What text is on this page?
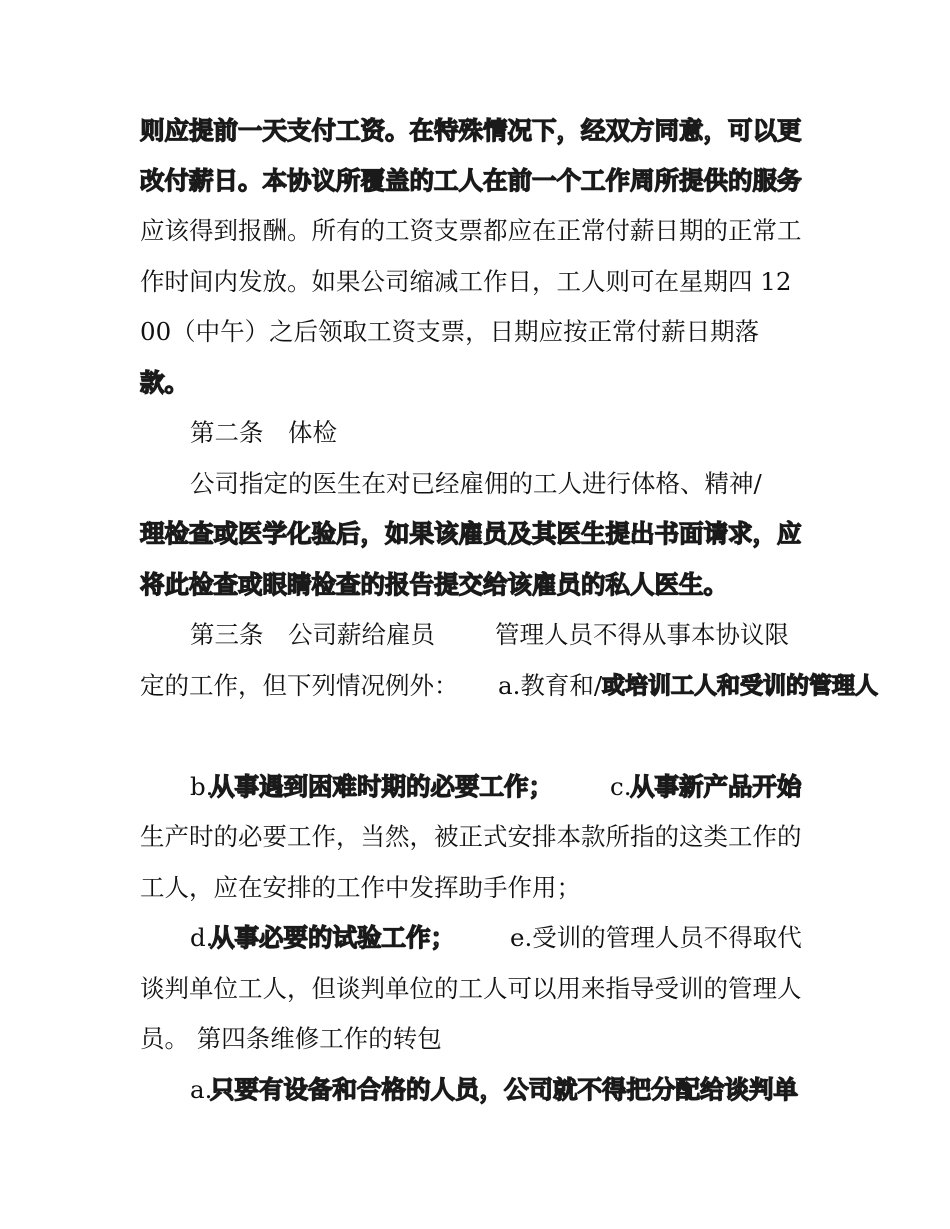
则应提前一天支付工资。在特殊情况下，经双方同意，可以更
改付薪日。本协议所覆盖的工人在前一个工作周所提供的服务
应该得到报酬。所有的工资支票都应在正常付薪日期的正常工
作时间内发放。如果公司缩减工作日，工人则可在星期四 12
00（中午）之后领取工资支票，日期应按正常付薪日期落
款。
第二条　体检
公司指定的医生在对已经雇佣的工人进行体格、精神/
理检查或医学化验后，如果该雇员及其医生提出书面请求，应
将此检查或眼睛检查的报告提交给该雇员的私人医生。
第三条　公司薪给雇员 管理人员不得从事本协议限
定的工作，但下列情况例外： a.教育和/ 或培训工人和受训的管理人
b.
从事遇到困难时期的必要工作； c.
从事新产品开始
生产时的必要工作，当然，被正式安排本款所指的这类工作的
工人，应在安排的工作中发挥助手作用；
d.
从事必要的试验工作； e.受训的管理人员不得取代
谈判单位工人，但谈判单位的工人可以用来指导受训的管理人
员。 第四条维修工作的转包
a.
只要有设备和合格的人员，公司就不得把分配给谈判单
